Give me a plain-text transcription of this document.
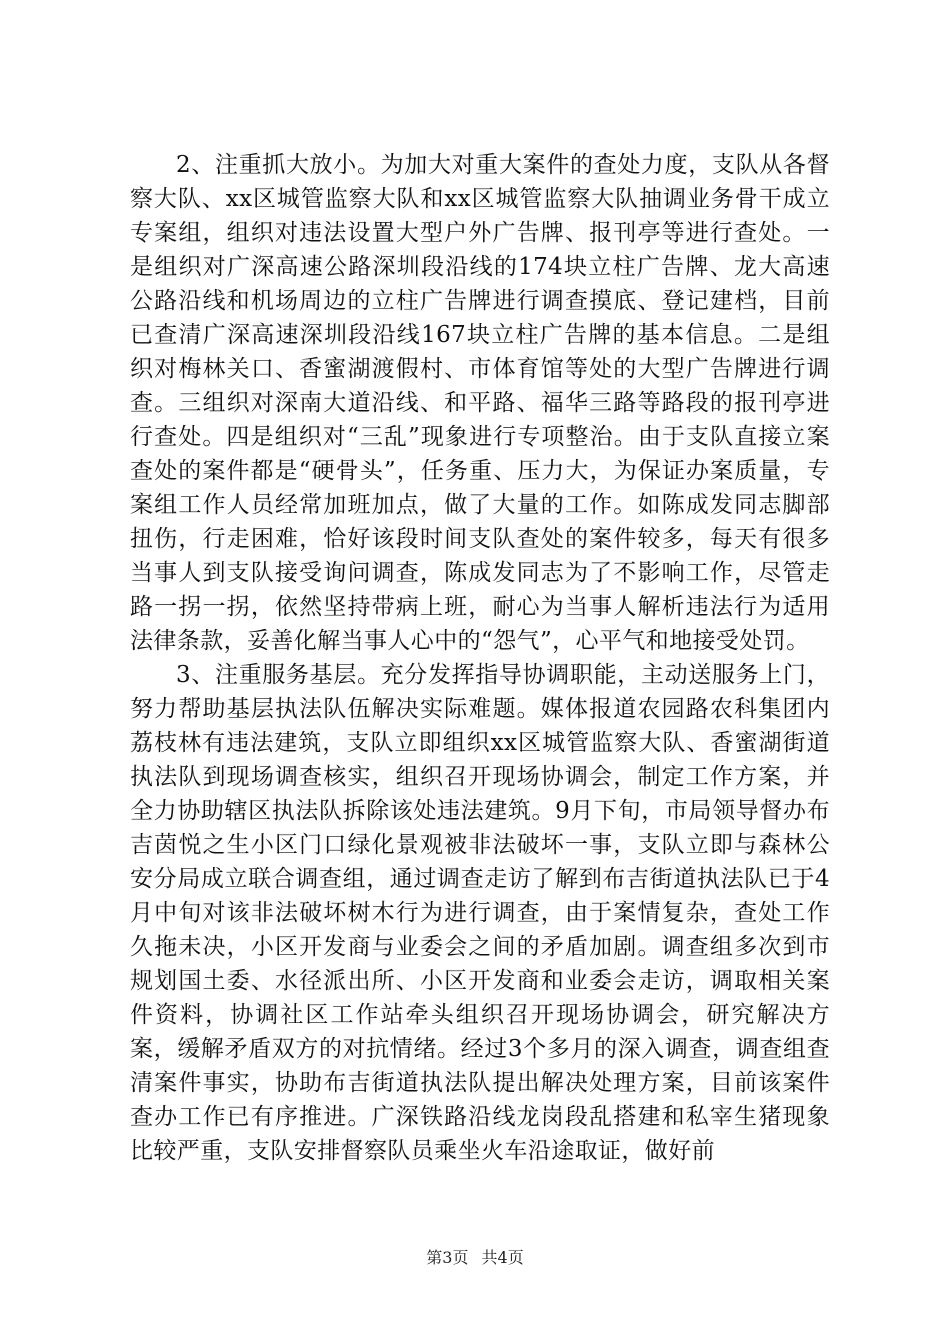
2、注重抓大放小。为加大对重大案件的查处力度，支队从各督察大队、xx区城管监察大队和xx区城管监察大队抽调业务骨干成立专案组，组织对违法设置大型户外广告牌、报刊亭等进行查处。一是组织对广深高速公路深圳段沿线的174块立柱广告牌、龙大高速公路沿线和机场周边的立柱广告牌进行调查摸底、登记建档，目前已查清广深高速深圳段沿线167块立柱广告牌的基本信息。二是组织对梅林关口、香蜜湖渡假村、市体育馆等处的大型广告牌进行调查。三组织对深南大道沿线、和平路、福华三路等路段的报刊亭进行查处。四是组织对“三乱”现象进行专项整治。由于支队直接立案查处的案件都是“硬骨头”，任务重、压力大，为保证办案质量，专案组工作人员经常加班加点，做了大量的工作。如陈成发同志脚部扭伤，行走困难，恰好该段时间支队查处的案件较多，每天有很多当事人到支队接受询问调查，陈成发同志为了不影响工作，尽管走路一拐一拐，依然坚持带病上班，耐心为当事人解析违法行为适用法律条款，妥善化解当事人心中的“怨气”，心平气和地接受处罚。

3、注重服务基层。充分发挥指导协调职能，主动送服务上门，努力帮助基层执法队伍解决实际难题。媒体报道农园路农科集团内荔枝林有违法建筑，支队立即组织xx区城管监察大队、香蜜湖街道执法队到现场调查核实，组织召开现场协调会，制定工作方案，并全力协助辖区执法队拆除该处违法建筑。9月下旬，市局领导督办布吉茵悦之生小区门口绿化景观被非法破坏一事，支队立即与森林公安分局成立联合调查组，通过调查走访了解到布吉街道执法队已于4月中旬对该非法破坏树木行为进行调查，由于案情复杂，查处工作久拖未决，小区开发商与业委会之间的矛盾加剧。调查组多次到市规划国土委、水径派出所、小区开发商和业委会走访，调取相关案件资料，协调社区工作站牵头组织召开现场协调会，研究解决方案，缓解矛盾双方的对抗情绪。经过3个多月的深入调查，调查组查清案件事实，协助布吉街道执法队提出解决处理方案，目前该案件查办工作已有序推进。广深铁路沿线龙岗段乱搭建和私宰生猪现象比较严重，支队安排督察队员乘坐火车沿途取证，做好前

第3页 共4页
